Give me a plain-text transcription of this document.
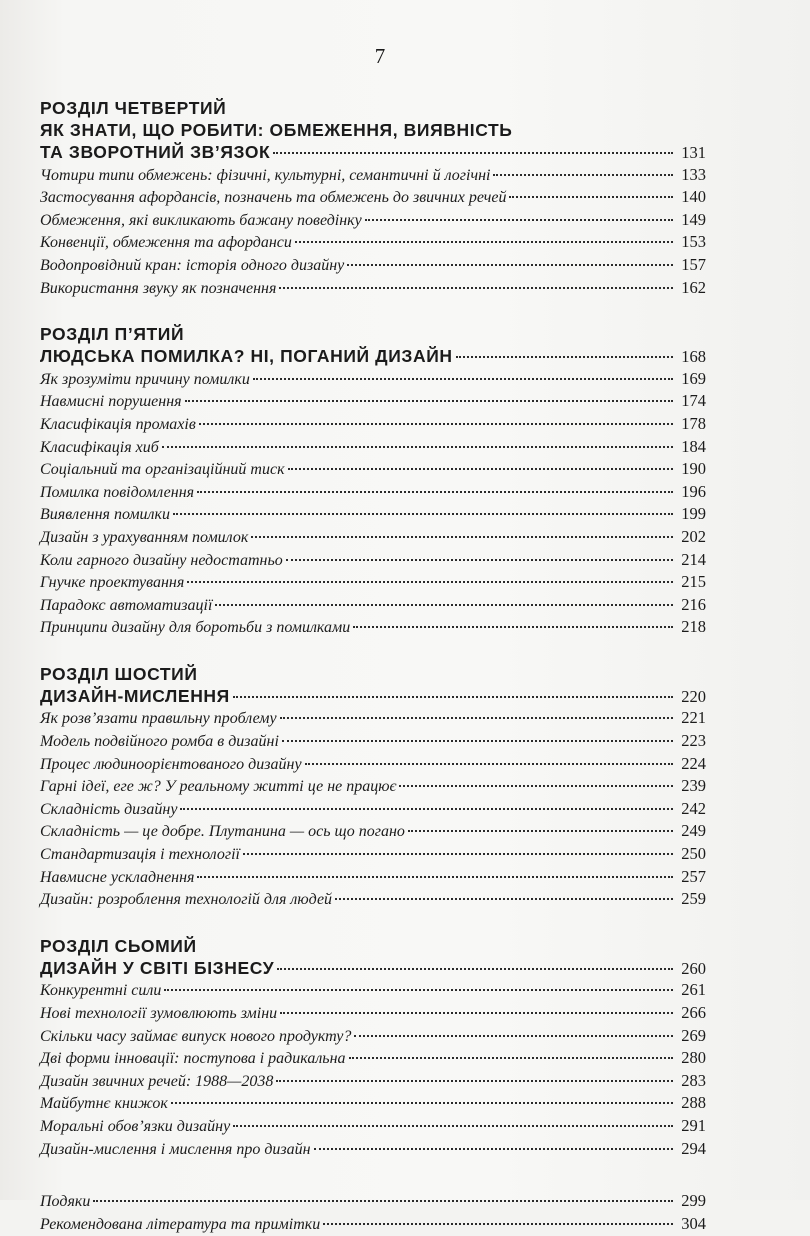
7
РОЗДІЛ ЧЕТВЕРТИЙ
ЯК ЗНАТИ, ЩО РОБИТИ: ОБМЕЖЕННЯ, ВИЯВНІСТЬ
ТА ЗВОРОТНИЙ ЗВ’ЯЗОК	131
Чотири типи обмежень: фізичні, культурні, семантичні й логічні	133
Застосування афордансів, позначень та обмежень до звичних речей	140
Обмеження, які викликають бажану поведінку	149
Конвенції, обмеження та афорданси	153
Водопровідний кран: історія одного дизайну	157
Використання звуку як позначення	162
РОЗДІЛ П’ЯТИЙ
ЛЮДСЬКА ПОМИЛКА? НІ, ПОГАНИЙ ДИЗАЙН	168
Як зрозуміти причину помилки	169
Навмисні порушення	174
Класифікація промахів	178
Класифікація хиб	184
Соціальний та організаційний тиск	190
Помилка повідомлення	196
Виявлення помилки	199
Дизайн з урахуванням помилок	202
Коли гарного дизайну недостатньо	214
Гнучке проектування	215
Парадокс автоматизації	216
Принципи дизайну для боротьби з помилками	218
РОЗДІЛ ШОСТИЙ
ДИЗАЙН-МИСЛЕННЯ	220
Як розв’язати правильну проблему	221
Модель подвійного ромба в дизайні	223
Процес людиноорієнтованого дизайну	224
Гарні ідеї, еге ж? У реальному житті це не працює	239
Складність дизайну	242
Складність — це добре. Плутанина — ось що погано	249
Стандартизація і технології	250
Навмисне ускладнення	257
Дизайн: розроблення технологій для людей	259
РОЗДІЛ СЬОМИЙ
ДИЗАЙН У СВІТІ БІЗНЕСУ	260
Конкурентні сили	261
Нові технології зумовлюють зміни	266
Скільки часу займає випуск нового продукту?	269
Дві форми інновації: поступова і радикальна	280
Дизайн звичних речей: 1988—2038	283
Майбутнє книжок	288
Моральні обов’язки дизайну	291
Дизайн-мислення і мислення про дизайн	294
Подяки	299
Рекомендована література та примітки	304
